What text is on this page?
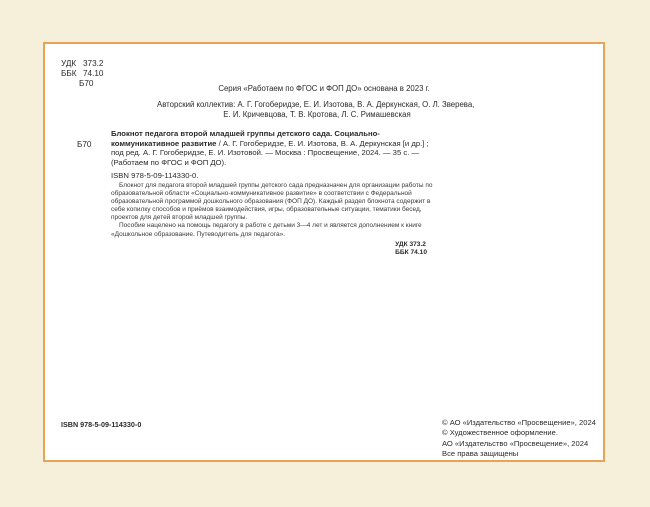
УДК 373.2
ББК 74.10
Б70
Серия «Работаем по ФГОС и ФОП ДО» основана в 2023 г.
Авторский коллектив: А. Г. Гогоберидзе, Е. И. Изотова, В. А. Деркунская, О. Л. Зверева,
Е. И. Кричевцова, Т. В. Кротова, Л. С. Римашевская
Б70
Блокнот педагога второй младшей группы детского сада. Социально-коммуникативное развитие / А. Г. Гогоберидзе, Е. И. Изотова, В. А. Деркунская [и др.] ; под ред. А. Г. Гогоберидзе, Е. И. Изотовой. — Москва : Просвещение, 2024. — 35 с. — (Работаем по ФГОС и ФОП ДО).
ISBN 978-5-09-114330-0.

Блокнот для педагога второй младшей группы детского сада предназначен для организации работы по образовательной области «Социально-коммуникативное развитие» в соответствии с Федеральной образовательной программой дошкольного образования (ФОП ДО). Каждый раздел блокнота содержит в себе копилку способов и приёмов взаимодействия, игры, образовательные ситуации, тематики бесед, проектов для детей второй младшей группы.

Пособие нацелено на помощь педагогу в работе с детьми 3—4 лет и является дополнением к книге «Дошкольное образование. Путеводитель для педагога».

УДК 373.2
ББК 74.10
ISBN 978-5-09-114330-0	© АО «Издательство «Просвещение», 2024
© Художественное оформление.
АО «Издательство «Просвещение», 2024
Все права защищены
